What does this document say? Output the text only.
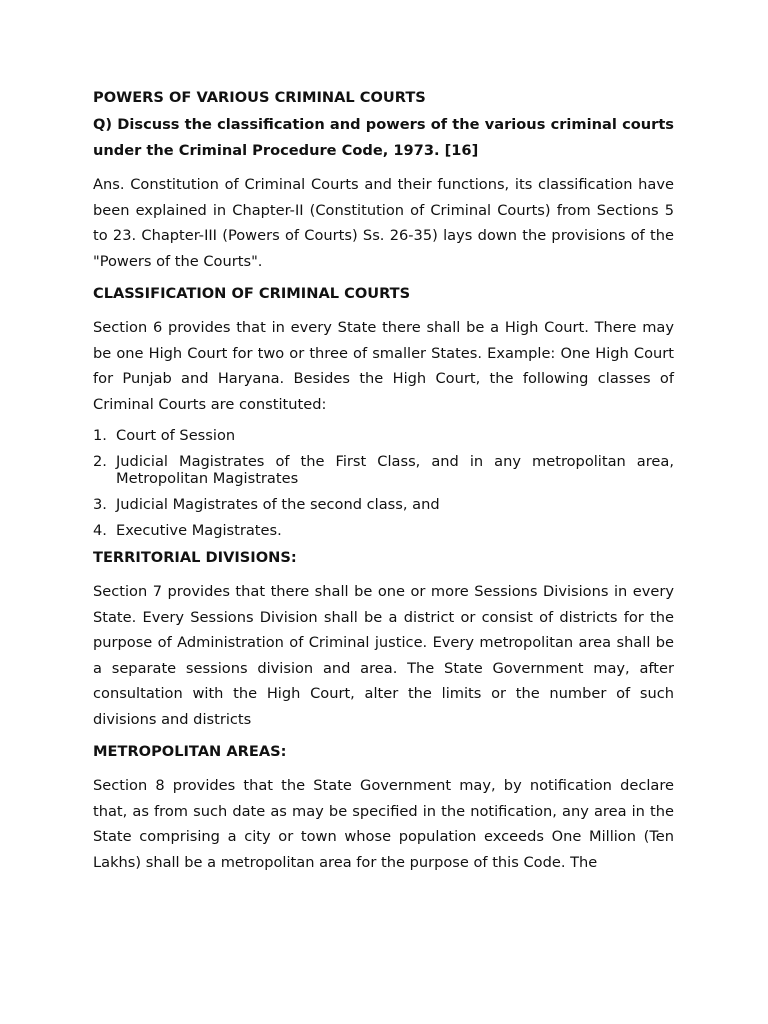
POWERS OF VARIOUS CRIMINAL COURTS
Q) Discuss the classification and powers of the various criminal courts under the Criminal Procedure Code, 1973. [16]
Ans. Constitution of Criminal Courts and their functions, its classification have been explained in Chapter-II (Constitution of Criminal Courts) from Sections 5 to 23. Chapter-III (Powers of Courts) Ss. 26-35) lays down the provisions of the "Powers of the Courts".
CLASSIFICATION OF CRIMINAL COURTS
Section 6 provides that in every State there shall be a High Court. There may be one High Court for two or three of smaller States. Example: One High Court for Punjab and Haryana. Besides the High Court, the following classes of Criminal Courts are constituted:
1. Court of Session
2. Judicial Magistrates of the First Class, and in any metropolitan area, Metropolitan Magistrates
3. Judicial Magistrates of the second class, and
4. Executive Magistrates.
TERRITORIAL DIVISIONS:
Section 7 provides that there shall be one or more Sessions Divisions in every State. Every Sessions Division shall be a district or consist of districts for the purpose of Administration of Criminal justice. Every metropolitan area shall be a separate sessions division and area. The State Government may, after consultation with the High Court, alter the limits or the number of such divisions and districts
METROPOLITAN AREAS:
Section 8 provides that the State Government may, by notification declare that, as from such date as may be specified in the notification, any area in the State comprising a city or town whose population exceeds One Million (Ten Lakhs) shall be a metropolitan area for the purpose of this Code. The
